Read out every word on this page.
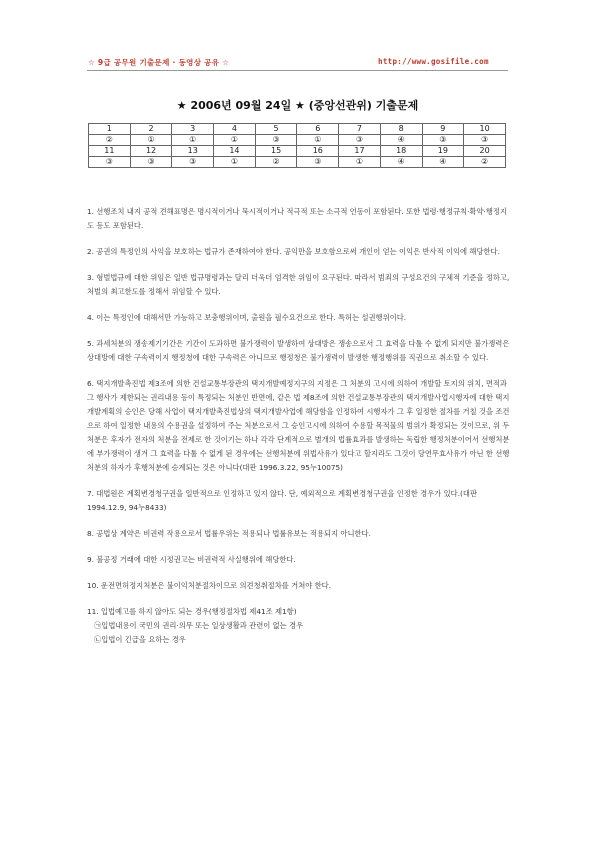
☆ 9급 공무원 기출문제 · 동영상 공유 ☆	http://www.gosifile.com
★ 2006년 09월 24일 ★ (중앙선관위) 기출문제
1	2	3	4	5	6	7	8	9	10
②	①	①	①	③	①	③	④	③	③
11	12	13	14	15	16	17	18	19	20
③	③	③	①	②	③	①	④	④	②

1. 선행조치 내지 공적 견해표명은 명시적이거나 묵시적이거나 적극적 또는 소극적 언동이 포함된다. 또한 법령·행정규칙·확약·행정지도 등도 포함된다.

2. 공권의 특정인의 사익을 보호하는 법규가 존재하여야 한다. 공익만을 보호함으로써 개인이 얻는 이익은 반사적 이익에 해당한다.

3. 형벌법규에 대한 위임은 일반 법규명령과는 달리 더욱더 엄격한 위임이 요구된다. 따라서 범죄의 구성요건의 구체적 기준을 정하고, 처벌의 최고한도를 정해서 위임할 수 있다.

4. 이는 특정인에 대해서만 가능하고 보충행위이며, 출원을 필수요건으로 한다. 특허는 설권행위이다.

5. 과세처분의 쟁송제기기간은 기간이 도과하면 불가쟁력이 발생하여 상대방은 쟁송으로서 그 효력을 다툴 수 없게 되지만 불가쟁력은 상대방에 대한 구속력이지 행정청에 대한 구속력은 아니므로 행정청은 불가쟁력이 발생한 행정행위를 직권으로 취소할 수 있다.

6. 택지개발촉진법 제3조에 의한 건설교통부장관의 택지개발예정지구의 지정은 그 처분의 고시에 의하여 개발할 토지의 위치, 면적과 그 행사가 제한되는 권리내용 등이 특정되는 처분인 반면에, 같은 법 제8조에 의한 건설교통부장관의 택지개발사업시행자에 대한 택지개발계획의 승인은 당해 사업이 택지개발촉진법상의 택지개발사업에 해당함을 인정하여 시행자가 그 후 일정한 절차를 거칠 것을 조건으로 하여 일정한 내용의 수용권을 설정하여 주는 처분으로서 그 승인고시에 의하여 수용할 목적물의 범위가 확정되는 것이므로, 위 두 처분은 후자가 전자의 처분을 전제로 한 것이기는 하나 각각 단계적으로 별개의 법률효과를 발생하는 독립한 행정처분이어서 선행처분에 부가쟁력이 생겨 그 효력을 다툴 수 없게 된 경우에는 선행처분에 위법사유가 있다고 할지라도 그것이 당연무효사유가 아닌 한 선행처분의 하자가 후행처분에 승계되는 것은 아니다(대판 1996.3.22, 95누10075)

7. 대법원은 계획변경청구권을 일반적으로 인정하고 있지 않다. 단, 예외적으로 계획변경청구권을 인정한 경우가 있다.(대판 1994.12.9, 94누8433)

8. 공법상 계약은 비권력 작용으로서 법률우위는 적용되나 법률유보는 적용되지 아니한다.

9. 불공정 거래에 대한 시정권고는 비권력적 사실행위에 해당한다.

10. 운전면허정지처분은 불이익처분절차이므로 의견청취절차를 거쳐야 한다.

11. 입법예고를 하지 않아도 되는 경우(행정절차법 제41조 제1항)
㉠입법내용이 국민의 권리·의무 또는 일상생활과 관련이 없는 경우
㉡입법이 긴급을 요하는 경우
